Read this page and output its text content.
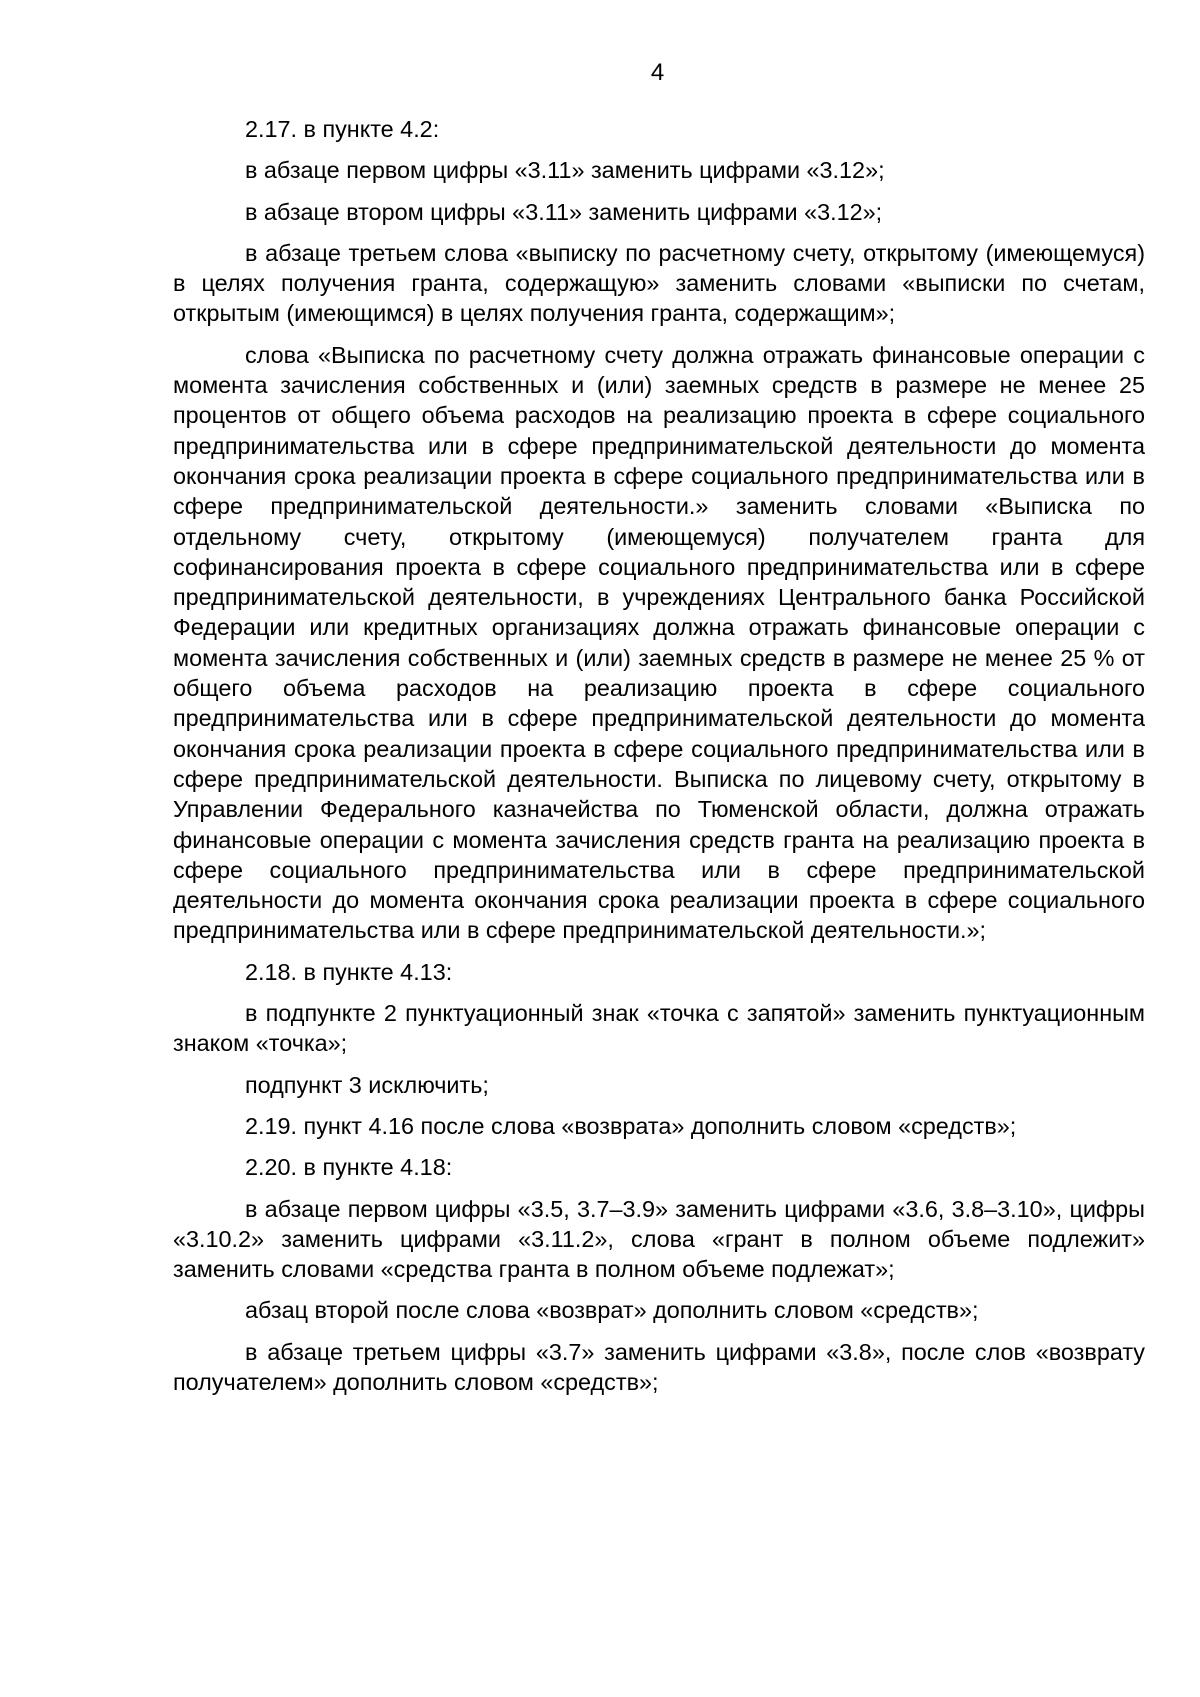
4

2.17. в пункте 4.2:

в абзаце первом цифры «3.11» заменить цифрами «3.12»;

в абзаце втором цифры «3.11» заменить цифрами «3.12»;

в абзаце третьем слова «выписку по расчетному счету, открытому (имеющемуся) в целях получения гранта, содержащую» заменить словами «выписки по счетам, открытым (имеющимся) в целях получения гранта, содержащим»;

слова «Выписка по расчетному счету должна отражать финансовые операции с момента зачисления собственных и (или) заемных средств в размере не менее 25 процентов от общего объема расходов на реализацию проекта в сфере социального предпринимательства или в сфере предпринимательской деятельности до момента окончания срока реализации проекта в сфере социального предпринимательства или в сфере предпринимательской деятельности.» заменить словами «Выписка по отдельному счету, открытому (имеющемуся) получателем гранта для софинансирования проекта в сфере социального предпринимательства или в сфере предпринимательской деятельности, в учреждениях Центрального банка Российской Федерации или кредитных организациях должна отражать финансовые операции с момента зачисления собственных и (или) заемных средств в размере не менее 25 % от общего объема расходов на реализацию проекта в сфере социального предпринимательства или в сфере предпринимательской деятельности до момента окончания срока реализации проекта в сфере социального предпринимательства или в сфере предпринимательской деятельности. Выписка по лицевому счету, открытому в Управлении Федерального казначейства по Тюменской области, должна отражать финансовые операции с момента зачисления средств гранта на реализацию проекта в сфере социального предпринимательства или в сфере предпринимательской деятельности до момента окончания срока реализации проекта в сфере социального предпринимательства или в сфере предпринимательской деятельности.»;

2.18. в пункте 4.13:

в подпункте 2 пунктуационный знак «точка с запятой» заменить пунктуационным знаком «точка»;

подпункт 3 исключить;

2.19. пункт 4.16 после слова «возврата» дополнить словом «средств»;

2.20. в пункте 4.18:

в абзаце первом цифры «3.5, 3.7–3.9» заменить цифрами «3.6, 3.8–3.10», цифры «3.10.2» заменить цифрами «3.11.2», слова «грант в полном объеме подлежит» заменить словами «средства гранта в полном объеме подлежат»;

абзац второй после слова «возврат» дополнить словом «средств»;

в абзаце третьем цифры «3.7» заменить цифрами «3.8», после слов «возврату получателем» дополнить словом «средств»;
